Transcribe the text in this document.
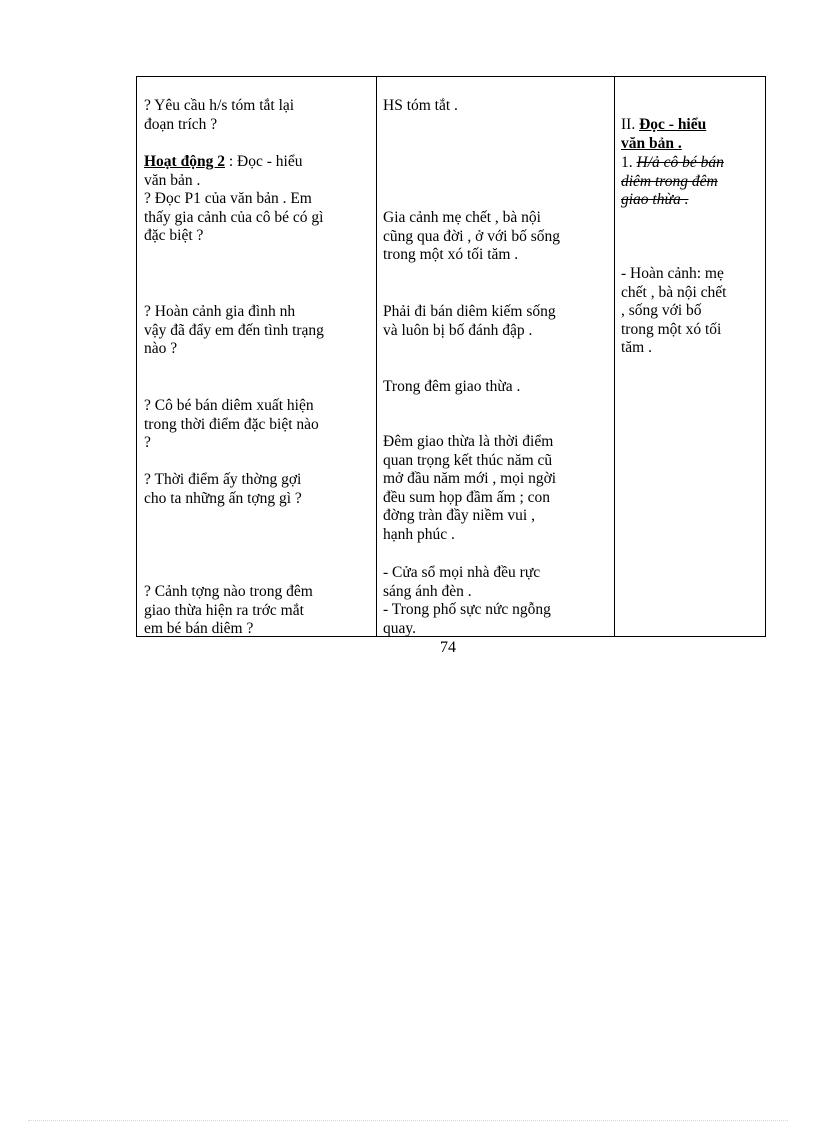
? Yêu cầu h/s tóm tắt lại
đoạn trích ?
Hoạt động 2 : Đọc - hiểu
văn bản .
? Đọc P1 của văn bản . Em
thấy gia cảnh của cô bé có gì
đặc biệt ?
? Hoàn cảnh gia đình nh
vậy đã đẩy em đến tình trạng
nào ?
? Cô bé bán diêm xuất hiện
trong thời điểm đặc biệt nào
?
? Thời điểm ấy thờng gợi
cho ta những ấn tợng gì ?
? Cảnh tợng nào trong đêm
giao thừa hiện ra trớc mắt
em bé bán diêm ?
HS tóm tắt .
Gia cảnh mẹ chết , bà nội
cũng qua đời , ở với bố sống
trong một xó tối tăm .
Phải đi bán diêm kiếm sống
và luôn bị bố đánh đập .
Trong đêm giao thừa .
Đêm giao thừa là thời điểm
quan trọng kết thúc năm cũ
mở đầu năm mới , mọi ngời
đều sum họp đầm ấm ; con
đờng tràn đầy niềm vui ,
hạnh phúc .
- Cửa sổ mọi nhà đều rực
sáng ánh đèn .
- Trong phố sực nức ngỗng
quay.
II. Đọc - hiểu
văn bản .
1. H/ả cô bé bán
diêm trong đêm
giao thừa .
- Hoàn cảnh: mẹ
chết , bà nội chết
, sống với bố
trong một xó tối
tăm .
74
